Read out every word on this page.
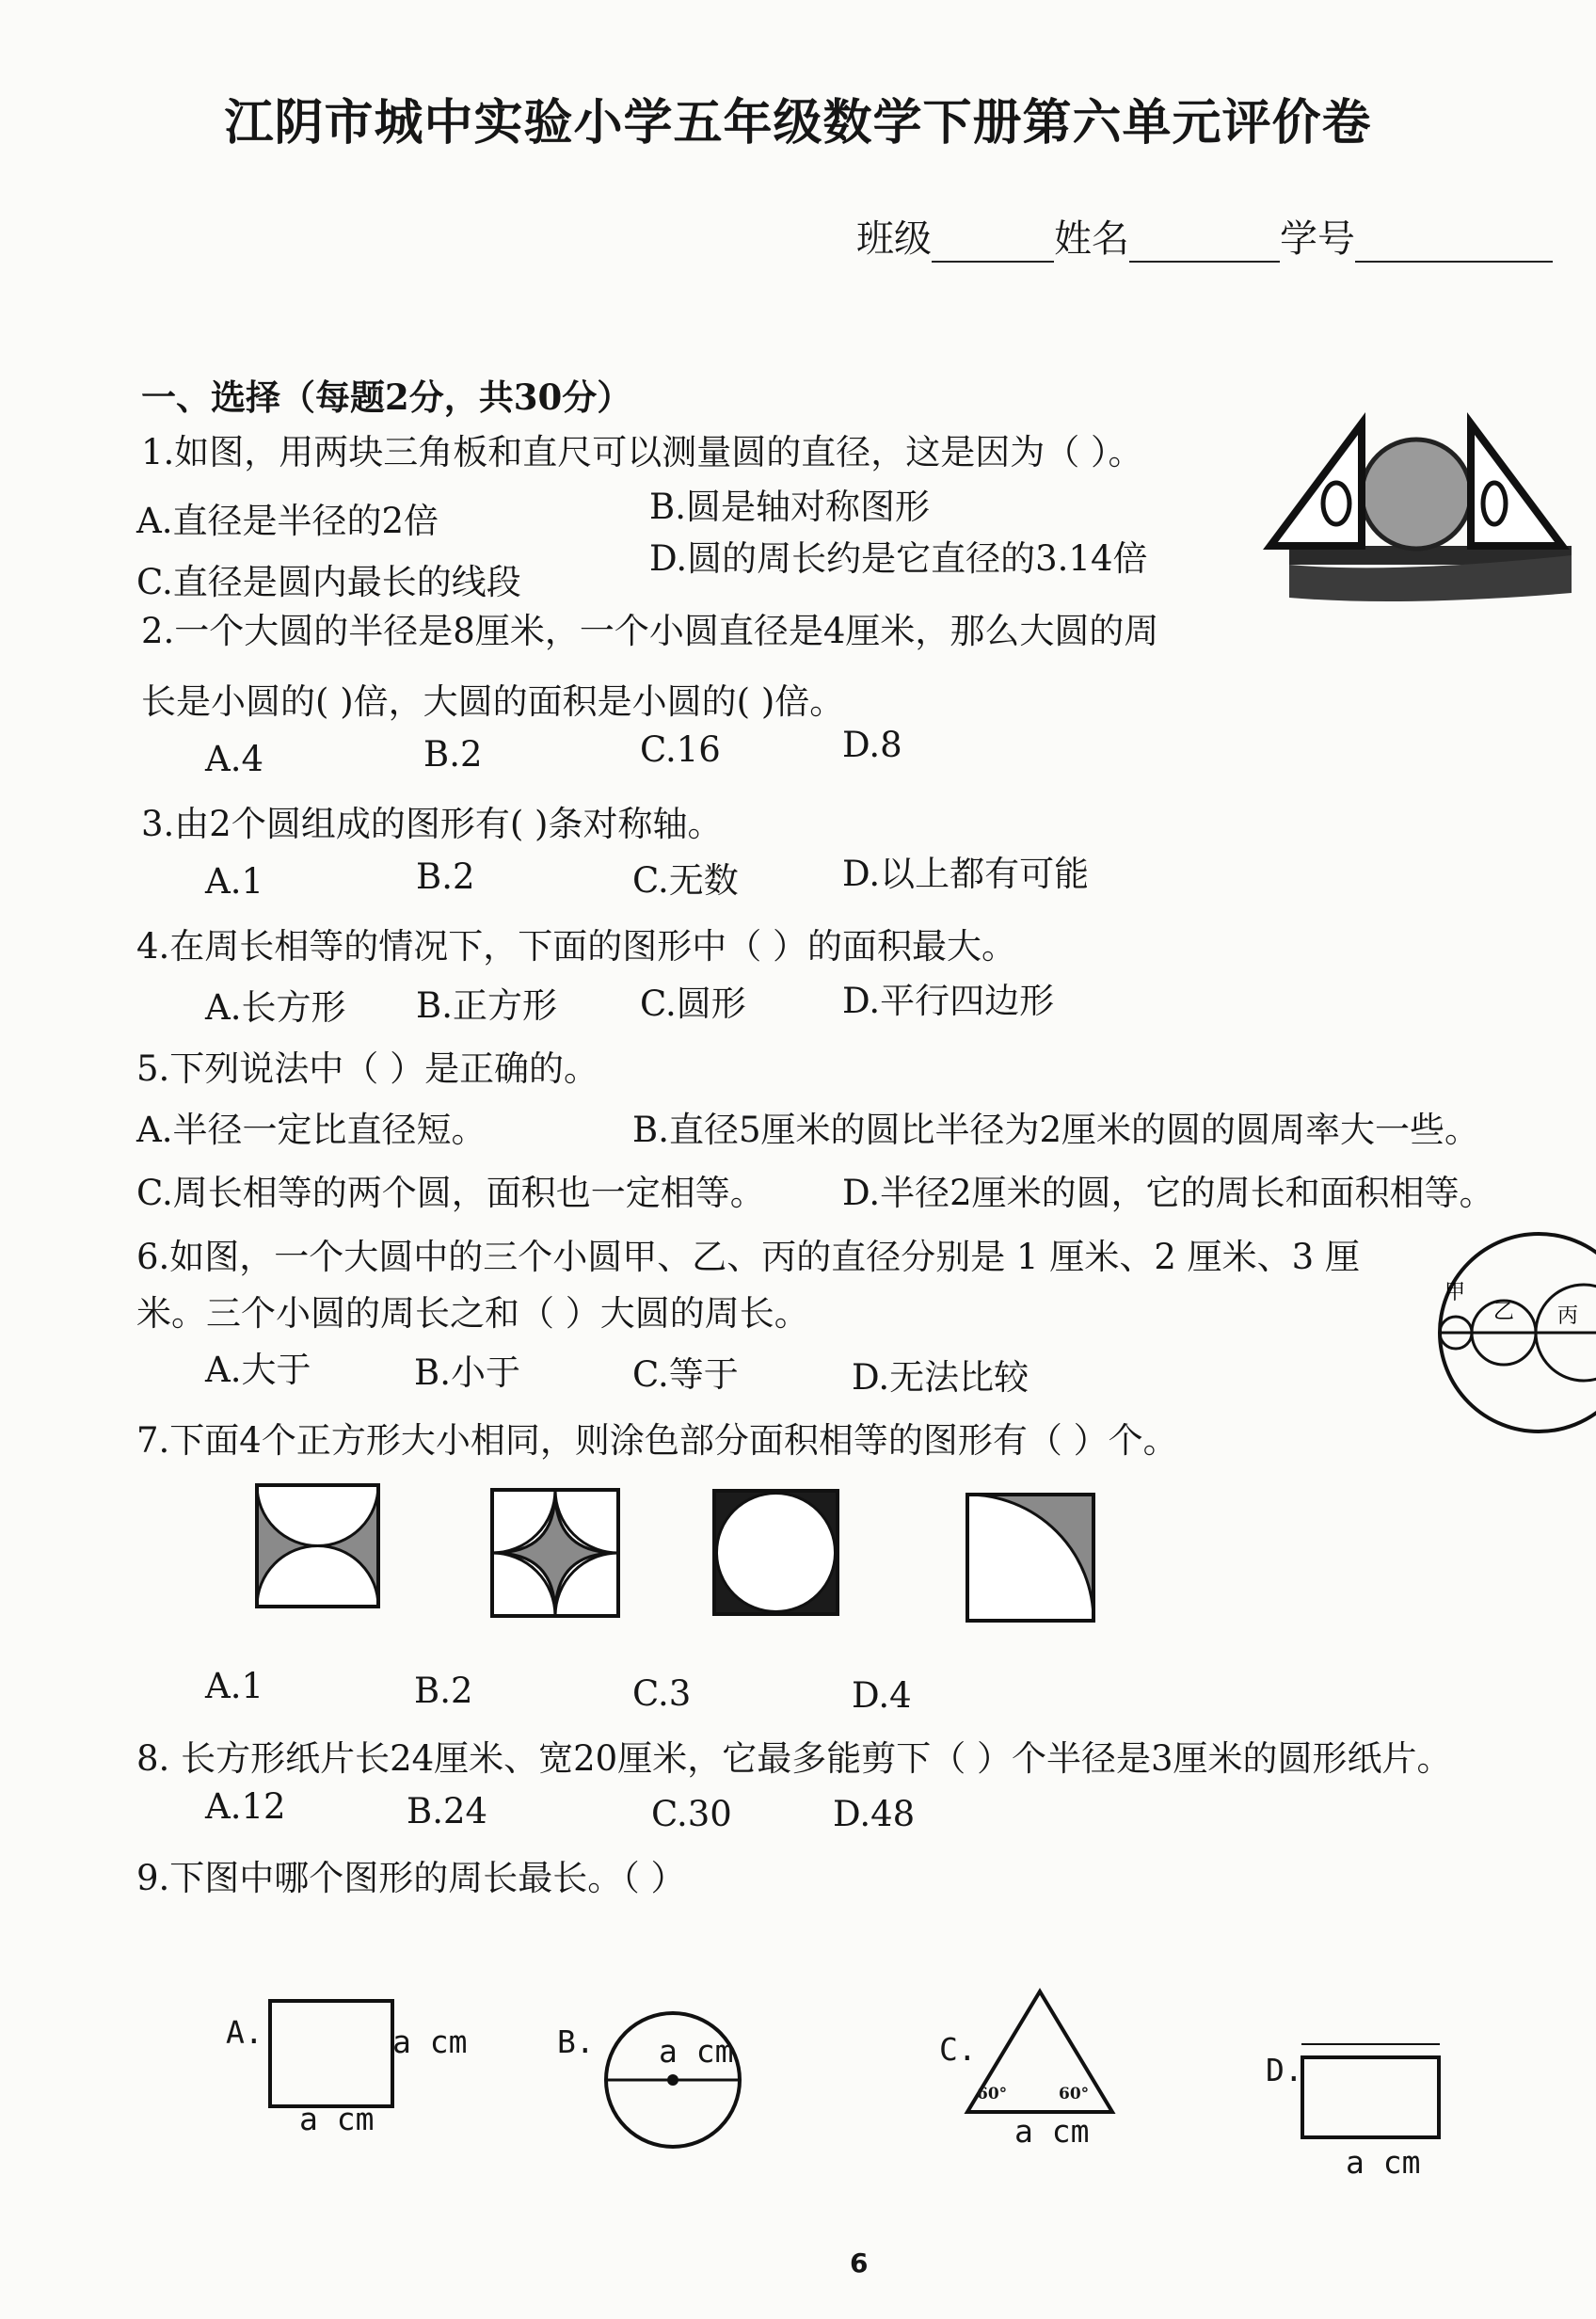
江阴市城中实验小学五年级数学下册第六单元评价卷
班级	姓名	学号
一、选择（每题2分，共30分）
1.如图，用两块三角板和直尺可以测量圆的直径，这是因为（ ）。
A.直径是半径的2倍	B.圆是轴对称图形
C.直径是圆内最长的线段
D.圆的周长约是它直径的3.14倍
2.一个大圆的半径是8厘米，一个小圆直径是4厘米，那么大圆的周
长是小圆的( )倍，大圆的面积是小圆的( )倍。
A.4	B.2	C.16	D.8
3.由2个圆组成的图形有( )条对称轴。
A.1	B.2	C.无数	D.以上都有可能
4.在周长相等的情况下，下面的图形中（ ）的面积最大。
A.长方形 B.正方形 C.圆形	D.平行四边形
5.下列说法中（ ）是正确的。
A.半径一定比直径短。	B.直径5厘米的圆比半径为2厘米的圆的圆周率大一些。
C.周长相等的两个圆，面积也一定相等。 D.半径2厘米的圆，它的周长和面积相等。
6.如图，一个大圆中的三个小圆甲、乙、丙的直径分别是 1 厘米、2 厘米、3 厘
米。三个小圆的周长之和（ ）大圆的周长。
A.大于	B.小于	C.等于	D.无法比较
甲
乙 丙
7.下面4个正方形大小相同，则涂色部分面积相等的图形有（ ）个。
A.1	B.2	C.3	D.4
8. 长方形纸片长24厘米、宽20厘米，它最多能剪下（ ）个半径是3厘米的圆形纸片。
A.12	B.24	C.30	D.48
9.下图中哪个图形的周长最长。（ ）
A.	a cm
a cm
B. a cm	C.
60°	60°
a cm
D.
a cm
6
